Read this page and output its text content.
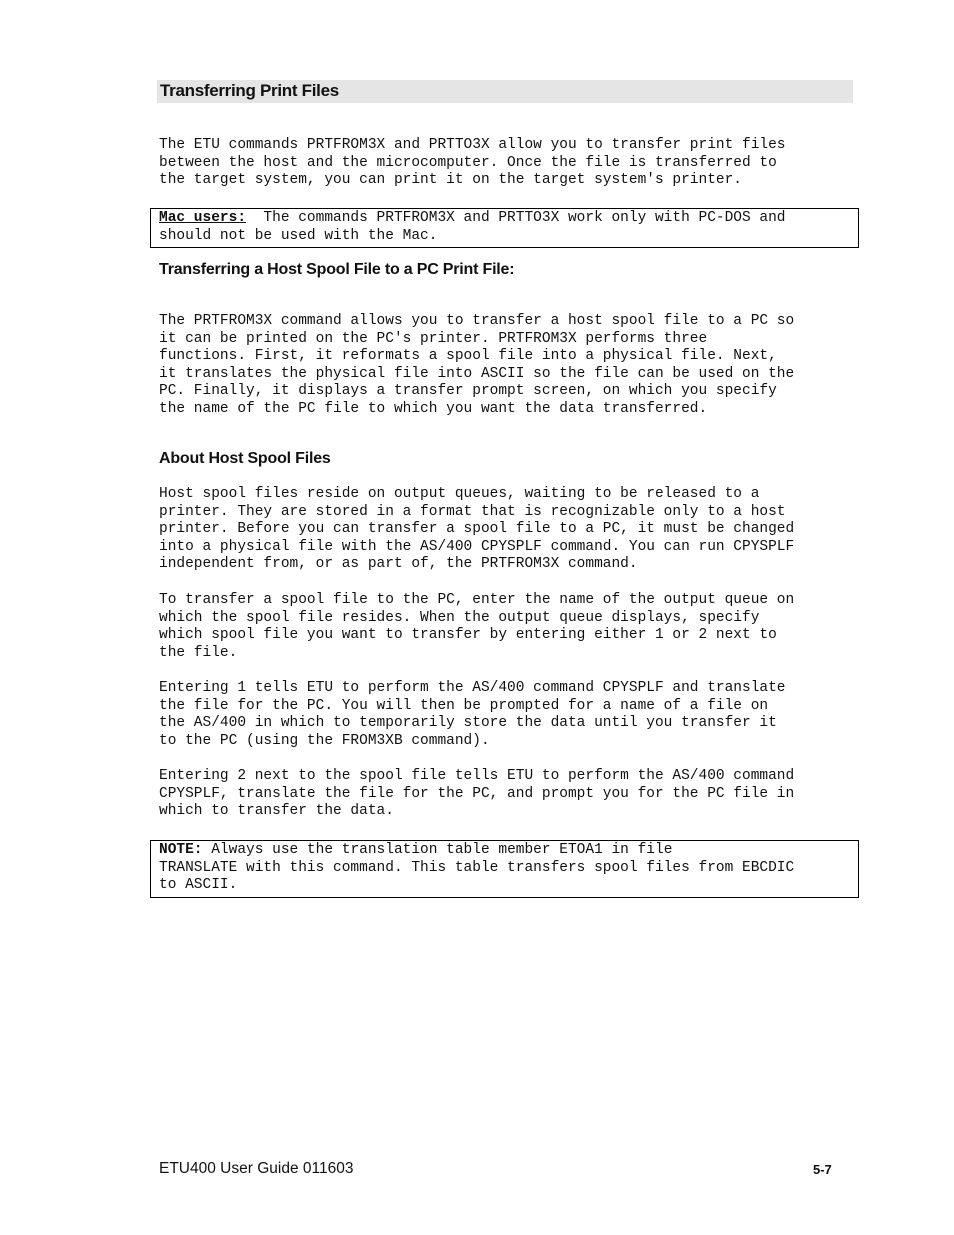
Transferring Print Files
The ETU commands PRTFROM3X and PRTTO3X allow you to transfer print files
between the host and the microcomputer. Once the file is transferred to
the target system, you can print it on the target system's printer.
Mac users:  The commands PRTFROM3X and PRTTO3X work only with PC-DOS and
should not be used with the Mac.
Transferring a Host Spool File to a PC Print File:
The PRTFROM3X command allows you to transfer a host spool file to a PC so
it can be printed on the PC's printer. PRTFROM3X performs three
functions. First, it reformats a spool file into a physical file. Next,
it translates the physical file into ASCII so the file can be used on the
PC. Finally, it displays a transfer prompt screen, on which you specify
the name of the PC file to which you want the data transferred.
About Host Spool Files
Host spool files reside on output queues, waiting to be released to a
printer. They are stored in a format that is recognizable only to a host
printer. Before you can transfer a spool file to a PC, it must be changed
into a physical file with the AS/400 CPYSPLF command. You can run CPYSPLF
independent from, or as part of, the PRTFROM3X command.
To transfer a spool file to the PC, enter the name of the output queue on
which the spool file resides. When the output queue displays, specify
which spool file you want to transfer by entering either 1 or 2 next to
the file.
Entering 1 tells ETU to perform the AS/400 command CPYSPLF and translate
the file for the PC. You will then be prompted for a name of a file on
the AS/400 in which to temporarily store the data until you transfer it
to the PC (using the FROM3XB command).
Entering 2 next to the spool file tells ETU to perform the AS/400 command
CPYSPLF, translate the file for the PC, and prompt you for the PC file in
which to transfer the data.
NOTE: Always use the translation table member ETOA1 in file
TRANSLATE with this command. This table transfers spool files from EBCDIC
to ASCII.
ETU400 User Guide 011603	5-7
